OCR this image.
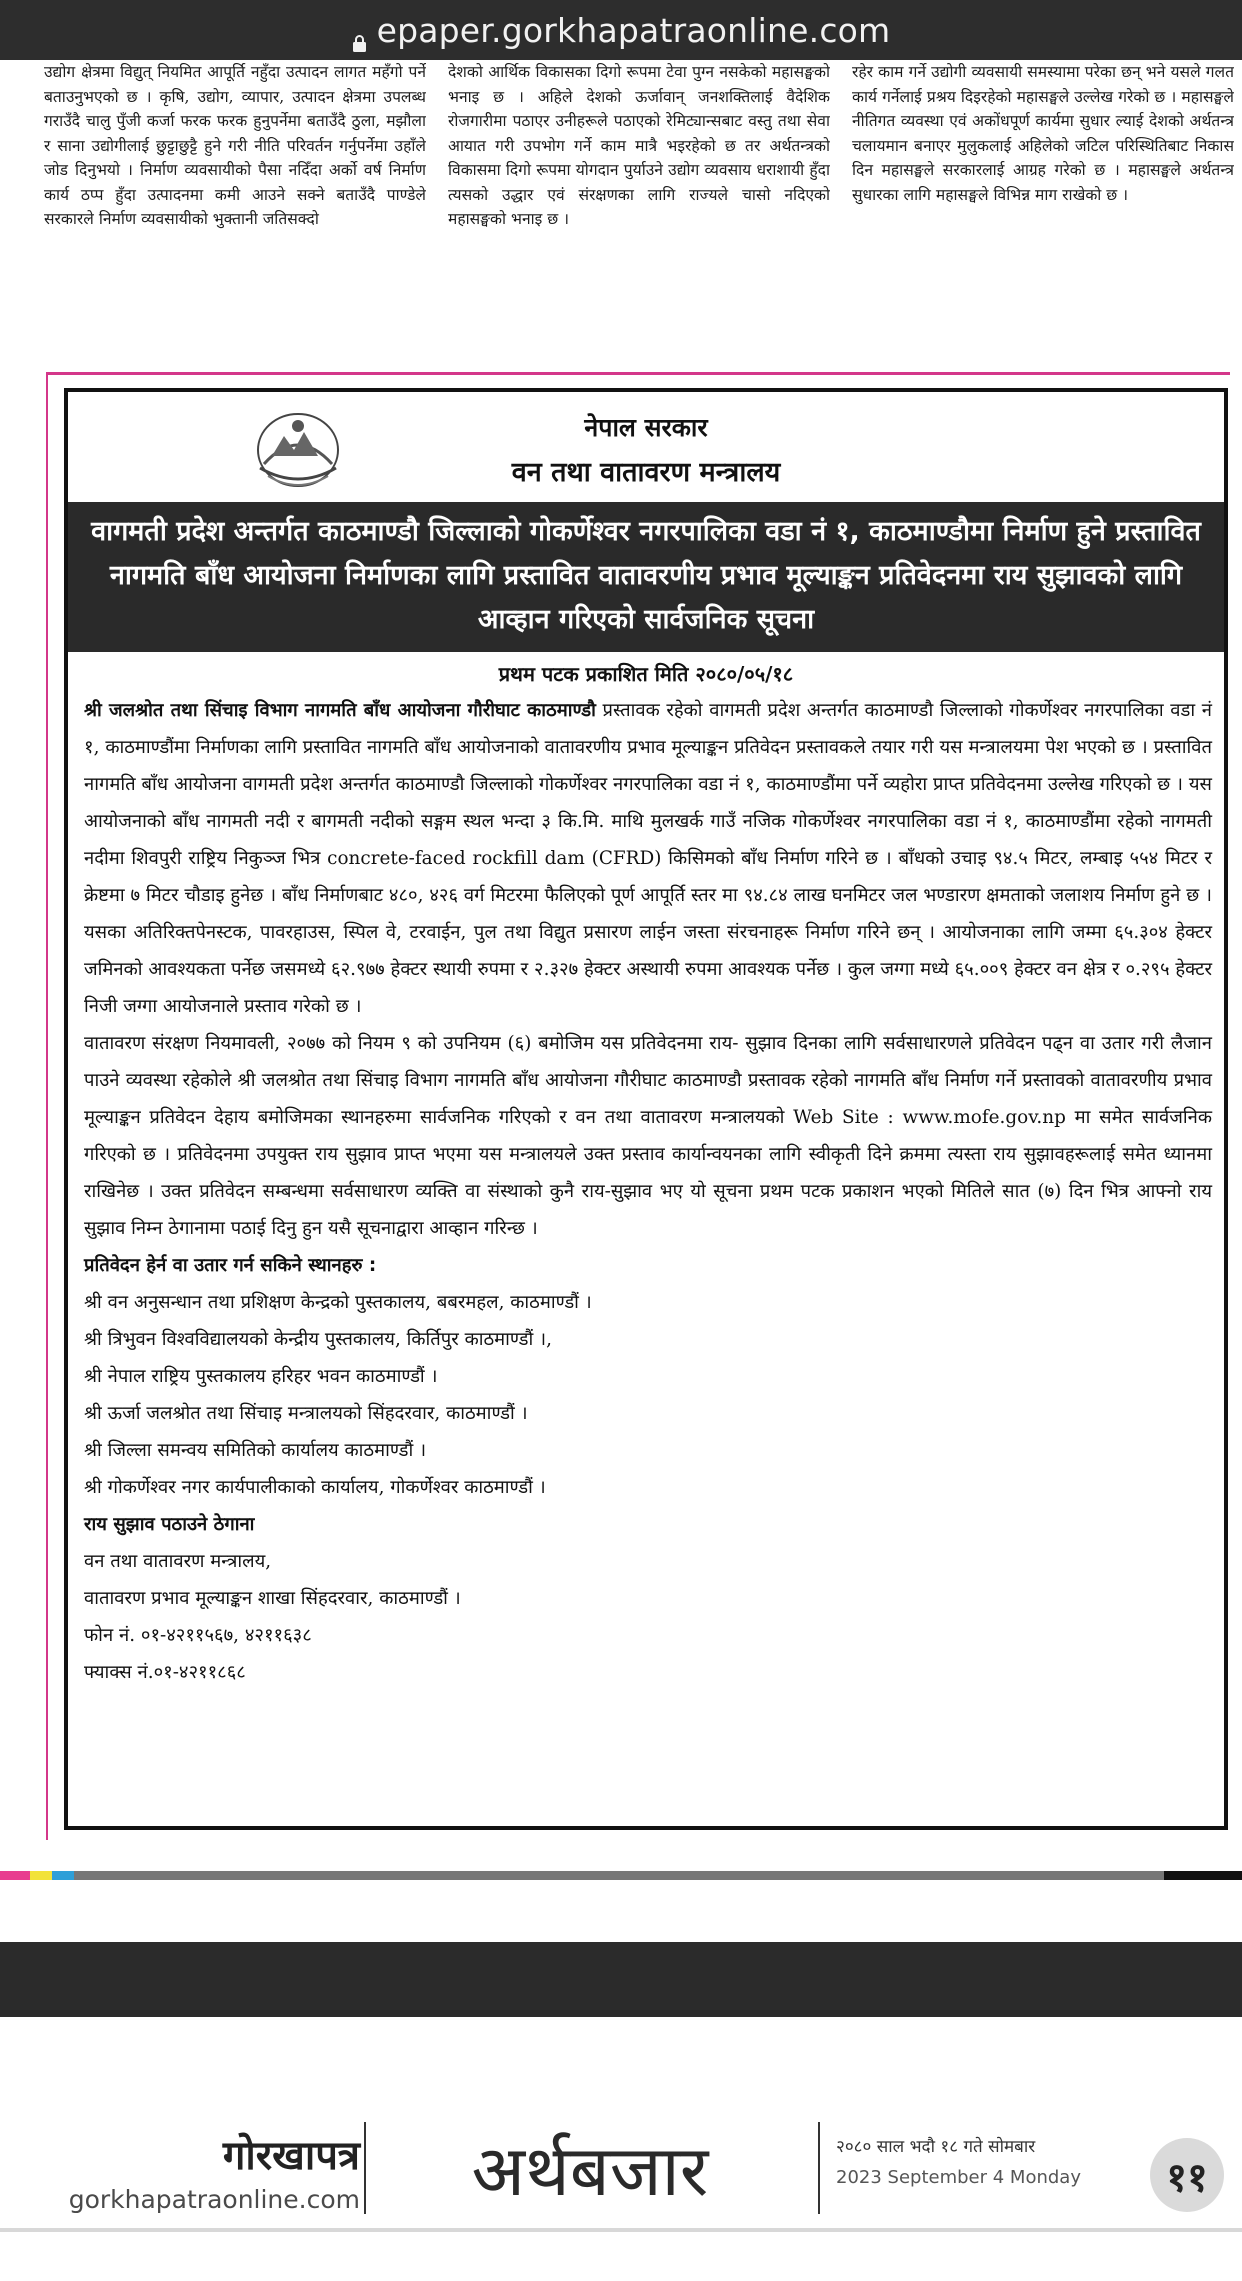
epaper.gorkhapatraonline.com
उद्योग क्षेत्रमा विद्युत् नियमित आपूर्ति नहुँदा उत्पादन लागत महँगो पर्ने बताउनुभएको छ । कृषि, उद्योग, व्यापार, उत्पादन क्षेत्रमा उपलब्ध गराउँदै चालु पुँजी कर्जा फरक फरक हुनुपर्नेमा बताउँदै ठुला, मझौला र साना उद्योगीलाई छुट्टाछुट्टै हुने गरी नीति परिवर्तन गर्नुपर्नेमा उहाँले जोड दिनुभयो । निर्माण व्यवसायीको पैसा नदिँदा अर्को वर्ष निर्माण कार्य ठप्प हुँदा उत्पादनमा कमी आउने सक्ने बताउँदै पाण्डेले सरकारले निर्माण व्यवसायीको भुक्तानी जतिसक्दो
देशको आर्थिक विकासका दिगो रूपमा टेवा पुग्न नसकेको महासङ्घको भनाइ छ । अहिले देशको ऊर्जावान् जनशक्तिलाई वैदेशिक रोजगारीमा पठाएर उनीहरूले पठाएको रेमिट्यान्सबाट वस्तु तथा सेवा आयात गरी उपभोग गर्ने काम मात्रै भइरहेको छ तर अर्थतन्त्रको विकासमा दिगो रूपमा योगदान पुर्याउने उद्योग व्यवसाय धराशायी हुँदा त्यसको उद्धार एवं संरक्षणका लागि राज्यले चासो नदिएको महासङ्घको भनाइ छ ।
रहेर काम गर्ने उद्योगी व्यवसायी समस्यामा परेका छन् भने यसले गलत कार्य गर्नेलाई प्रश्रय दिइरहेको महासङ्घले उल्लेख गरेको छ । महासङ्घले नीतिगत व्यवस्था एवं अकोंधपूर्ण कार्यमा सुधार ल्याई देशको अर्थतन्त्र चलायमान बनाएर मुलुकलाई अहिलेको जटिल परिस्थितिबाट निकास दिन महासङ्घले सरकारलाई आग्रह गरेको छ । महासङ्घले अर्थतन्त्र सुधारका लागि महासङ्घले विभिन्न माग राखेको छ ।
नेपाल सरकार
वन तथा वातावरण मन्त्रालय
वागमती प्रदेश अन्तर्गत काठमाण्डौ जिल्लाको गोकर्णेश्वर नगरपालिका वडा नं १, काठमाण्डौमा निर्माण हुने प्रस्तावित नागमति बाँध आयोजना निर्माणका लागि प्रस्तावित वातावरणीय प्रभाव मूल्याङ्कन प्रतिवेदनमा राय सुझावको लागि आव्हान गरिएको सार्वजनिक सूचना
प्रथम पटक प्रकाशित मिति २०८०/०५/१८

श्री जलश्रोत तथा सिंचाइ विभाग नागमति बाँध आयोजना गौरीघाट काठमाण्डौ प्रस्तावक रहेको वागमती प्रदेश अन्तर्गत काठमाण्डौ जिल्लाको गोकर्णेश्वर नगरपालिका वडा नं १, काठमाण्डौंमा निर्माणका लागि प्रस्तावित नागमति बाँध आयोजनाको वातावरणीय प्रभाव मूल्याङ्कन प्रतिवेदन प्रस्तावकले तयार गरी यस मन्त्रालयमा पेश भएको छ । प्रस्तावित नागमति बाँध आयोजना वागमती प्रदेश अन्तर्गत काठमाण्डौ जिल्लाको गोकर्णेश्वर नगरपालिका वडा नं १, काठमाण्डौंमा पर्ने व्यहोरा प्राप्त प्रतिवेदनमा उल्लेख गरिएको छ । यस आयोजनाको बाँध नागमती नदी र बागमती नदीको सङ्गम स्थल भन्दा ३ कि.मि. माथि मुलखर्क गाउँ नजिक गोकर्णेश्वर नगरपालिका वडा नं १, काठमाण्डौंमा रहेको नागमती नदीमा शिवपुरी राष्ट्रिय निकुञ्ज भित्र concrete-faced rockfill dam (CFRD) किसिमको बाँध निर्माण गरिने छ । बाँधको उचाइ ९४.५ मिटर, लम्बाइ ५५४ मिटर र क्रेष्टमा ७ मिटर चौडाइ हुनेछ । बाँध निर्माणबाट ४८०, ४२६ वर्ग मिटरमा फैलिएको पूर्ण आपूर्ति स्तर मा ९४.८४ लाख घनमिटर जल भण्डारण क्षमताको जलाशय निर्माण हुने छ । यसका अतिरिक्तपेनस्टक, पावरहाउस, स्पिल वे, टरवाईन, पुल तथा विद्युत प्रसारण लाईन जस्ता संरचनाहरू निर्माण गरिने छन् । आयोजनाका लागि जम्मा ६५.३०४ हेक्टर जमिनको आवश्यकता पर्नेछ जसमध्ये ६२.९७७ हेक्टर स्थायी रुपमा र २.३२७ हेक्टर अस्थायी रुपमा आवश्यक पर्नेछ । कुल जग्गा मध्ये ६५.००९ हेक्टर वन क्षेत्र र ०.२९५ हेक्टर निजी जग्गा आयोजनाले प्रस्ताव गरेको छ ।

वातावरण संरक्षण नियमावली, २०७७ को नियम ९ को उपनियम (६) बमोजिम यस प्रतिवेदनमा राय- सुझाव दिनका लागि सर्वसाधारणले प्रतिवेदन पढ्न वा उतार गरी लैजान पाउने व्यवस्था रहेकोले श्री जलश्रोत तथा सिंचाइ विभाग नागमति बाँध आयोजना गौरीघाट काठमाण्डौ प्रस्तावक रहेको नागमति बाँध निर्माण गर्ने प्रस्तावको वातावरणीय प्रभाव मूल्याङ्कन प्रतिवेदन देहाय बमोजिमका स्थानहरुमा सार्वजनिक गरिएको र वन तथा वातावरण मन्त्रालयको Web Site : www.mofe.gov.np मा समेत सार्वजनिक गरिएको छ । प्रतिवेदनमा उपयुक्त राय सुझाव प्राप्त भएमा यस मन्त्रालयले उक्त प्रस्ताव कार्यान्वयनका लागि स्वीकृती दिने क्रममा त्यस्ता राय सुझावहरूलाई समेत ध्यानमा राखिनेछ । उक्त प्रतिवेदन सम्बन्धमा सर्वसाधारण व्यक्ति वा संस्थाको कुनै राय-सुझाव भए यो सूचना प्रथम पटक प्रकाशन भएको मितिले सात (७) दिन भित्र आफ्नो राय सुझाव निम्न ठेगानामा पठाई दिनु हुन यसै सूचनाद्वारा आव्हान गरिन्छ ।

प्रतिवेदन हेर्न वा उतार गर्न सकिने स्थानहरु :

श्री वन अनुसन्धान तथा प्रशिक्षण केन्द्रको पुस्तकालय, बबरमहल, काठमाण्डौं ।
श्री त्रिभुवन विश्वविद्यालयको केन्द्रीय पुस्तकालय, किर्तिपुर काठमाण्डौं ।,
श्री नेपाल राष्ट्रिय पुस्तकालय हरिहर भवन काठमाण्डौं ।
श्री ऊर्जा जलश्रोत तथा सिंचाइ मन्त्रालयको सिंहदरवार, काठमाण्डौं ।
श्री जिल्ला समन्वय समितिको कार्यालय काठमाण्डौं ।
श्री गोकर्णेश्वर नगर कार्यपालीकाको कार्यालय, गोकर्णेश्वर काठमाण्डौं ।

राय सुझाव पठाउने ठेगाना

वन तथा वातावरण मन्त्रालय,
वातावरण प्रभाव मूल्याङ्कन शाखा सिंहदरवार, काठमाण्डौं ।
फोन नं. ०१-४२११५६७, ४२११६३८
फ्याक्स नं.०१-४२११८६८
गोरखापत्र
gorkhapatraonline.com	अर्थबजार	२०८० साल भदौ १८ गते सोमबार
2023 September 4 Monday	११
